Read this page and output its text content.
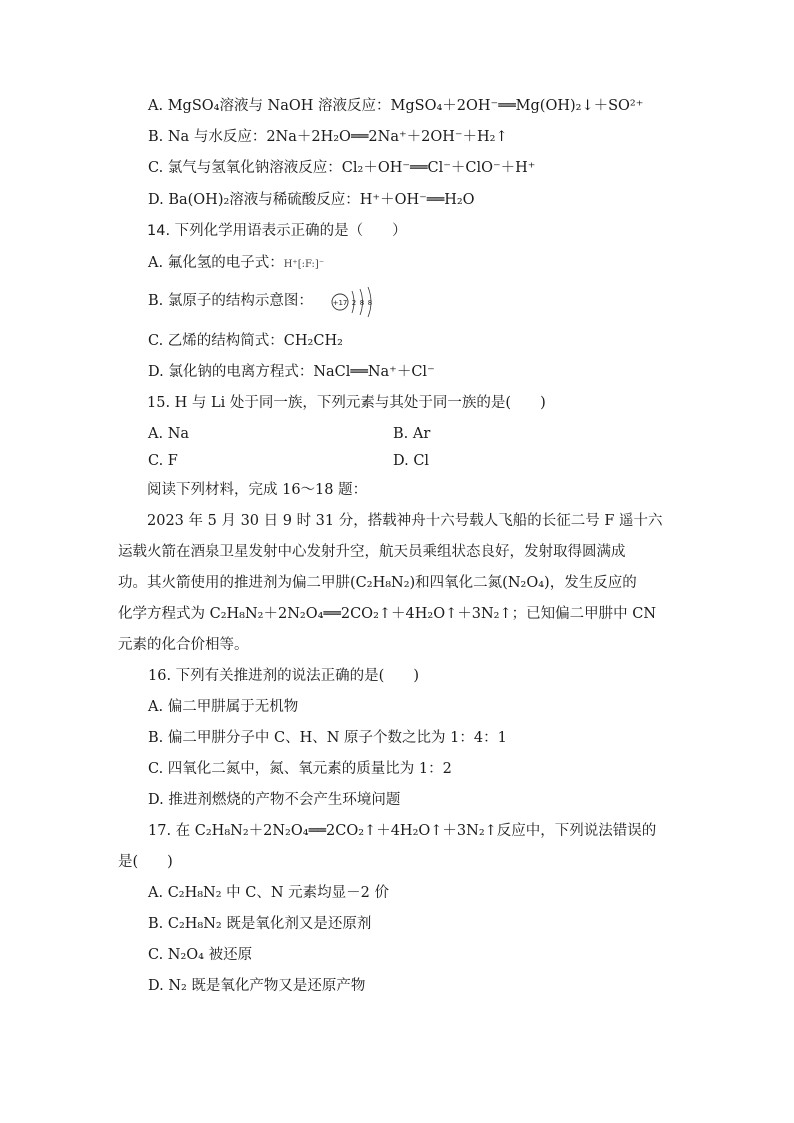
A. MgSO₄溶液与 NaOH 溶液反应：MgSO₄＋2OH⁻══Mg(OH)₂↓＋SO²⁺
B. Na 与水反应：2Na＋2H₂O══2Na⁺＋2OH⁻＋H₂↑
C. 氯气与氢氧化钠溶液反应：Cl₂＋OH⁻══Cl⁻＋ClO⁻＋H⁺
D. Ba(OH)₂溶液与稀硫酸反应：H⁺＋OH⁻══H₂O
14. 下列化学用语表示正确的是（　　）
A. 氟化氢的电子式：H⁺[:F:]⁻
B. 氯原子的结构示意图：	+17 2 8 8
C. 乙烯的结构简式：CH₂CH₂
D. 氯化钠的电离方程式：NaCl══Na⁺＋Cl⁻
15. H 与 Li 处于同一族，下列元素与其处于同一族的是(　　)
A. Na	B. Ar
C. F	D. Cl
阅读下列材料，完成 16～18 题：
2023 年 5 月 30 日 9 时 31 分，搭载神舟十六号载人飞船的长征二号 F 遥十六
运载火箭在酒泉卫星发射中心发射升空，航天员乘组状态良好，发射取得圆满成
功。其火箭使用的推进剂为偏二甲肼(C₂H₈N₂)和四氧化二氮(N₂O₄)，发生反应的
化学方程式为 C₂H₈N₂＋2N₂O₄══2CO₂↑＋4H₂O↑＋3N₂↑；已知偏二甲肼中 CN
元素的化合价相等。
16. 下列有关推进剂的说法正确的是(　　)
A. 偏二甲肼属于无机物
B. 偏二甲肼分子中 C、H、N 原子个数之比为 1：4：1
C. 四氧化二氮中，氮、氧元素的质量比为 1：2
D. 推进剂燃烧的产物不会产生环境问题
17. 在 C₂H₈N₂＋2N₂O₄══2CO₂↑＋4H₂O↑＋3N₂↑反应中，下列说法错误的
是(　　)
A. C₂H₈N₂ 中 C、N 元素均显－2 价
B. C₂H₈N₂ 既是氧化剂又是还原剂
C. N₂O₄ 被还原
D. N₂ 既是氧化产物又是还原产物
